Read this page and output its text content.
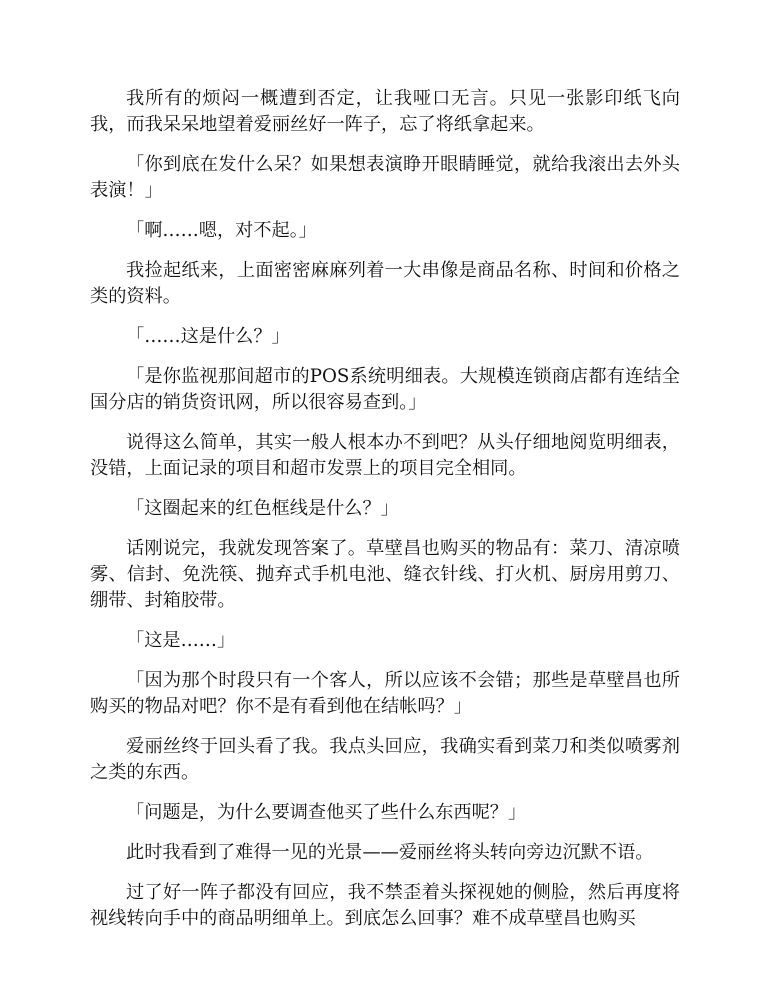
我所有的烦闷一概遭到否定，让我哑口无言。只见一张影印纸飞向我，而我呆呆地望着爱丽丝好一阵子，忘了将纸拿起来。

「你到底在发什么呆？如果想表演睁开眼睛睡觉，就给我滚出去外头表演！」

「啊……嗯，对不起。」

我捡起纸来，上面密密麻麻列着一大串像是商品名称、时间和价格之类的资料。

「……这是什么？」

「是你监视那间超市的POS系统明细表。大规模连锁商店都有连结全国分店的销货资讯网，所以很容易查到。」

说得这么简单，其实一般人根本办不到吧？从头仔细地阅览明细表，没错，上面记录的项目和超市发票上的项目完全相同。

「这圈起来的红色框线是什么？」

话刚说完，我就发现答案了。草壁昌也购买的物品有：菜刀、清凉喷雾、信封、免洗筷、抛弃式手机电池、缝衣针线、打火机、厨房用剪刀、绷带、封箱胶带。

「这是……」

「因为那个时段只有一个客人，所以应该不会错；那些是草壁昌也所购买的物品对吧？你不是有看到他在结帐吗？」

爱丽丝终于回头看了我。我点头回应，我确实看到菜刀和类似喷雾剂之类的东西。

「问题是，为什么要调查他买了些什么东西呢？」

此时我看到了难得一见的光景——爱丽丝将头转向旁边沉默不语。

过了好一阵子都没有回应，我不禁歪着头探视她的侧脸，然后再度将视线转向手中的商品明细单上。到底怎么回事？难不成草壁昌也购买
